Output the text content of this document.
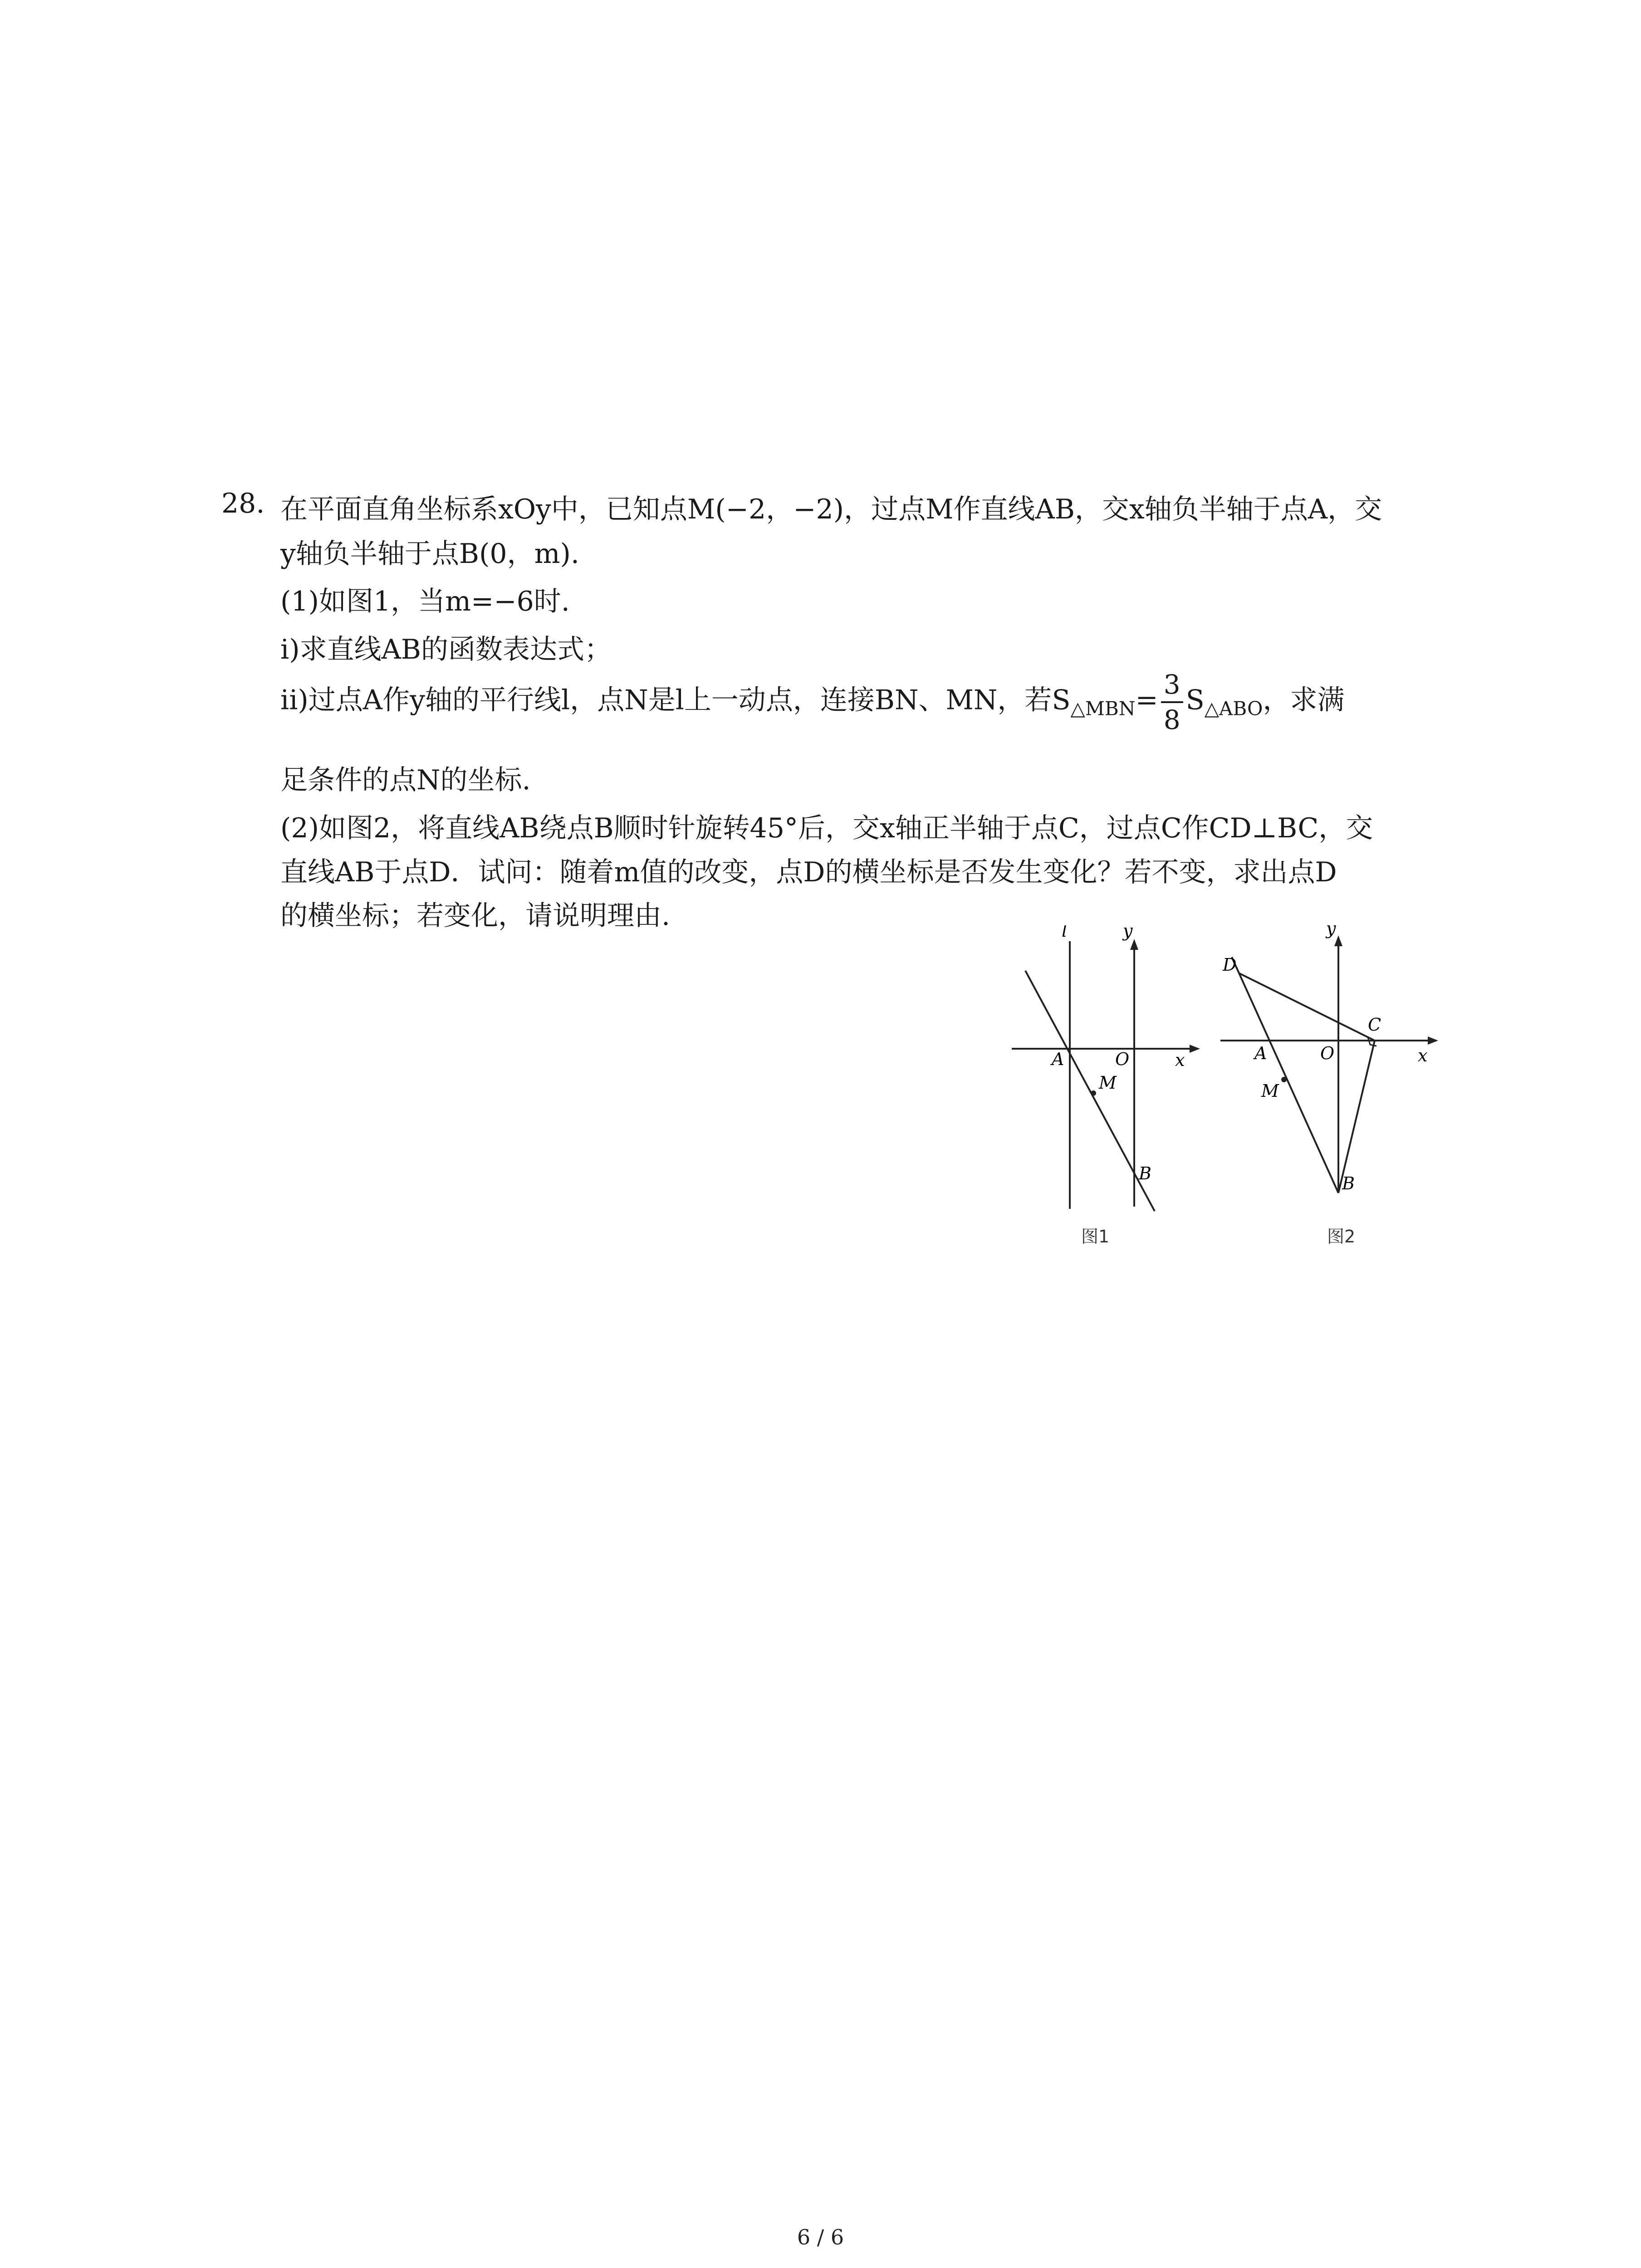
28. 在平面直角坐标系xOy中，已知点M(−2，−2)，过点M作直线AB，交x轴负半轴于点A，交
y轴负半轴于点B(0，m).
(1)如图1，当m=−6时.
i)求直线AB的函数表达式；
ii)过点A作y轴的平行线l，点N是l上一动点，连接BN、MN，若$S_{\triangle MBN}= \frac{3}{8} S_{\triangle ABO}$，求满
足条件的点N的坐标.
(2)如图2，将直线AB绕点B顺时针旋转45°后，交x轴正半轴于点C，过点C作CD⊥BC，交
直线AB于点D．试问：随着m值的改变，点D的横坐标是否发生变化？若不变，求出点D
的横坐标；若变化，请说明理由.	l	y
x
O
A
M
B
图1
y
x
O
A
M
B
C
D
图2
6 / 6
